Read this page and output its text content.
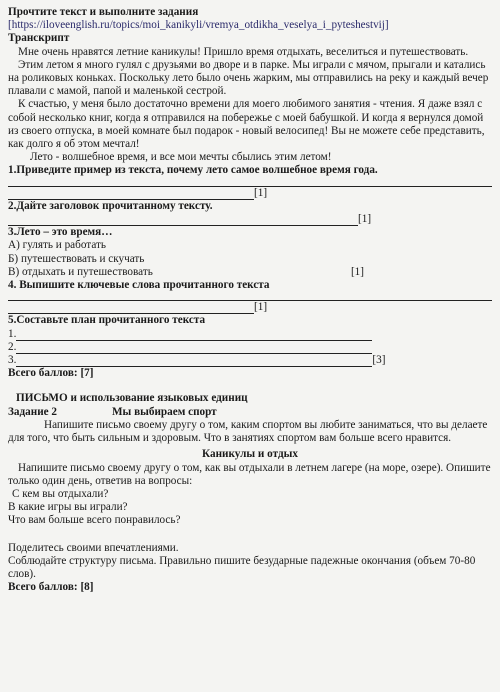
Прочтите текст и выполните задания

[https://iloveenglish.ru/topics/moi_kanikyli/vremya_otdikha_veselya_i_pyteshestvij]

Транскрипт

Мне очень нравятся летние каникулы! Пришло время отдыхать, веселиться и путешествовать.

Этим летом я много гулял с друзьями во дворе и в парке. Мы играли с мячом, прыгали и катались на роликовых коньках. Поскольку лето было очень жарким, мы отправились на реку и каждый вечер плавали с мамой, папой и маленькой сестрой.

К счастью, у меня было достаточно времени для моего любимого занятия - чтения. Я даже взял с собой несколько книг, когда я отправился на побережье с моей бабушкой. И когда я вернулся домой из своего отпуска, в моей комнате был подарок - новый велосипед! Вы не можете себе представить, как долго я об этом мечтал!

Лето - волшебное время, и все мои мечты сбылись этим летом!

1.Приведите пример из текста, почему лето самое волшебное время года.

[1]

2.Дайте заголовок прочитанному тексту.

[1]

3.Лето – это время…

А) гулять и работать

Б) путешествовать и скучать

В) отдыхать и путешествовать	[1]

4. Выпишите ключевые слова прочитанного текста

[1]

5.Составьте план прочитанного текста

1.
2.
3.	[3]

Всего баллов: [7]

ПИСЬМО и использование языковых единиц

Задание 2	Мы выбираем спорт

Напишите письмо своему другу о том, каким спортом вы любите заниматься, что вы делаете для того, что быть сильным и здоровым. Что в занятиях спортом вам больше всего нравится.

Каникулы и отдых

Напишите письмо своему другу о том, как вы отдыхали в летнем лагере (на море, озере). Опишите только один день, ответив на вопросы:

С кем вы отдыхали?

В какие игры вы играли?

Что вам больше всего понравилось?

Поделитесь своими впечатлениями.

Соблюдайте структуру письма. Правильно пишите безударные падежные окончания (объем 70-80 слов).

Всего баллов: [8]
